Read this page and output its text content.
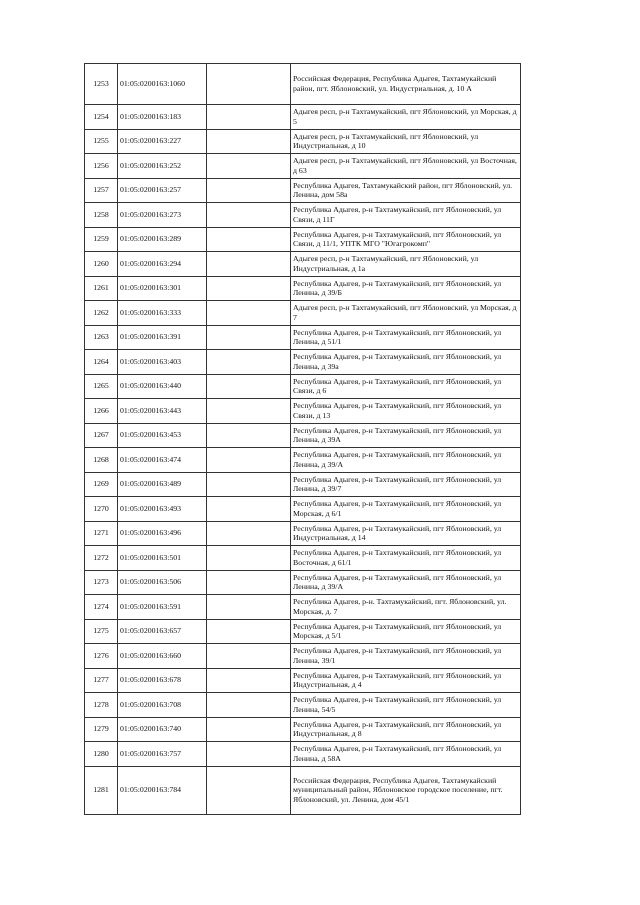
1253	01:05:0200163:1060		Российская Федерация, Республика Адыгея, Тахтамукайский район, пгт. Яблоновский, ул. Индустриальная, д. 10 А
1254	01:05:0200163:183		Адыгея респ, р-н Тахтамукайский, пгт Яблоновский, ул Морская, д 5
1255	01:05:0200163:227		Адыгея респ, р-н Тахтамукайский, пгт Яблоновский, ул Индустриальная, д 10
1256	01:05:0200163:252		Адыгея респ, р-н Тахтамукайский, пгт Яблоновский, ул Восточная, д 63
1257	01:05:0200163:257		Республика Адыгея, Тахтамукайский район, пгт Яблоновский, ул. Ленина, дом 58а
1258	01:05:0200163:273		Республика Адыгея, р-н Тахтамукайский, пгт Яблоновский, ул Связи, д 11Г
1259	01:05:0200163:289		Республика Адыгея, р-н Тахтамукайский, пгт Яблоновский, ул Связи, д 11/1, УПТК МГО "Югагрокомп"
1260	01:05:0200163:294		Адыгея респ, р-н Тахтамукайский, пгт Яблоновский, ул Индустриальная, д 1а
1261	01:05:0200163:301		Республика Адыгея, р-н Тахтамукайский, пгт Яблоновский, ул Ленина, д 39/Б
1262	01:05:0200163:333		Адыгея респ, р-н Тахтамукайский, пгт Яблоновский, ул Морская, д 7
1263	01:05:0200163:391		Республика Адыгея, р-н Тахтамукайский, пгт Яблоновский, ул Ленина, д 51/1
1264	01:05:0200163:403		Республика Адыгея, р-н Тахтамукайский, пгт Яблоновский, ул Ленина, д 39а
1265	01:05:0200163:440		Республика Адыгея, р-н Тахтамукайский, пгт Яблоновский, ул Связи, д 6
1266	01:05:0200163:443		Республика Адыгея, р-н Тахтамукайский, пгт Яблоновский, ул Связи, д 13
1267	01:05:0200163:453		Республика Адыгея, р-н Тахтамукайский, пгт Яблоновский, ул Ленина, д 39А
1268	01:05:0200163:474		Республика Адыгея, р-н Тахтамукайский, пгт Яблоновский, ул Ленина, д 39/А
1269	01:05:0200163:489		Республика Адыгея, р-н Тахтамукайский, пгт Яблоновский, ул Ленина, д 39/7
1270	01:05:0200163:493		Республика Адыгея, р-н Тахтамукайский, пгт Яблоновский, ул Морская, д 6/1
1271	01:05:0200163:496		Республика Адыгея, р-н Тахтамукайский, пгт Яблоновский, ул Индустриальная, д 14
1272	01:05:0200163:501		Республика Адыгея, р-н Тахтамукайский, пгт Яблоновский, ул Восточная, д 61/1
1273	01:05:0200163:506		Республика Адыгея, р-н Тахтамукайский, пгт Яблоновский, ул Ленина, д 39/А
1274	01:05:0200163:591		Республика Адыгея, р-н. Тахтамукайский, пгт. Яблоновский, ул. Морская, д. 7
1275	01:05:0200163:657		Республика Адыгея, р-н Тахтамукайский, пгт Яблоновский, ул Морская, д 5/1
1276	01:05:0200163:660		Республика Адыгея, р-н Тахтамукайский, пгт Яблоновский, ул Ленина, 39/1
1277	01:05:0200163:678		Республика Адыгея, р-н Тахтамукайский, пгт Яблоновский, ул Индустриальная, д 4
1278	01:05:0200163:708		Республика Адыгея, р-н Тахтамукайский, пгт Яблоновский, ул Ленина, 54/5
1279	01:05:0200163:740		Республика Адыгея, р-н Тахтамукайский, пгт Яблоновский, ул Индустриальная, д 8
1280	01:05:0200163:757		Республика Адыгея, р-н Тахтамукайский, пгт Яблоновский, ул Ленина, д 58А
1281	01:05:0200163:784		Российская Федерация, Республика Адыгея, Тахтамукайский муниципальный район, Яблоновское городское поселение, пгт. Яблоновский, ул. Ленина, дом 45/1
